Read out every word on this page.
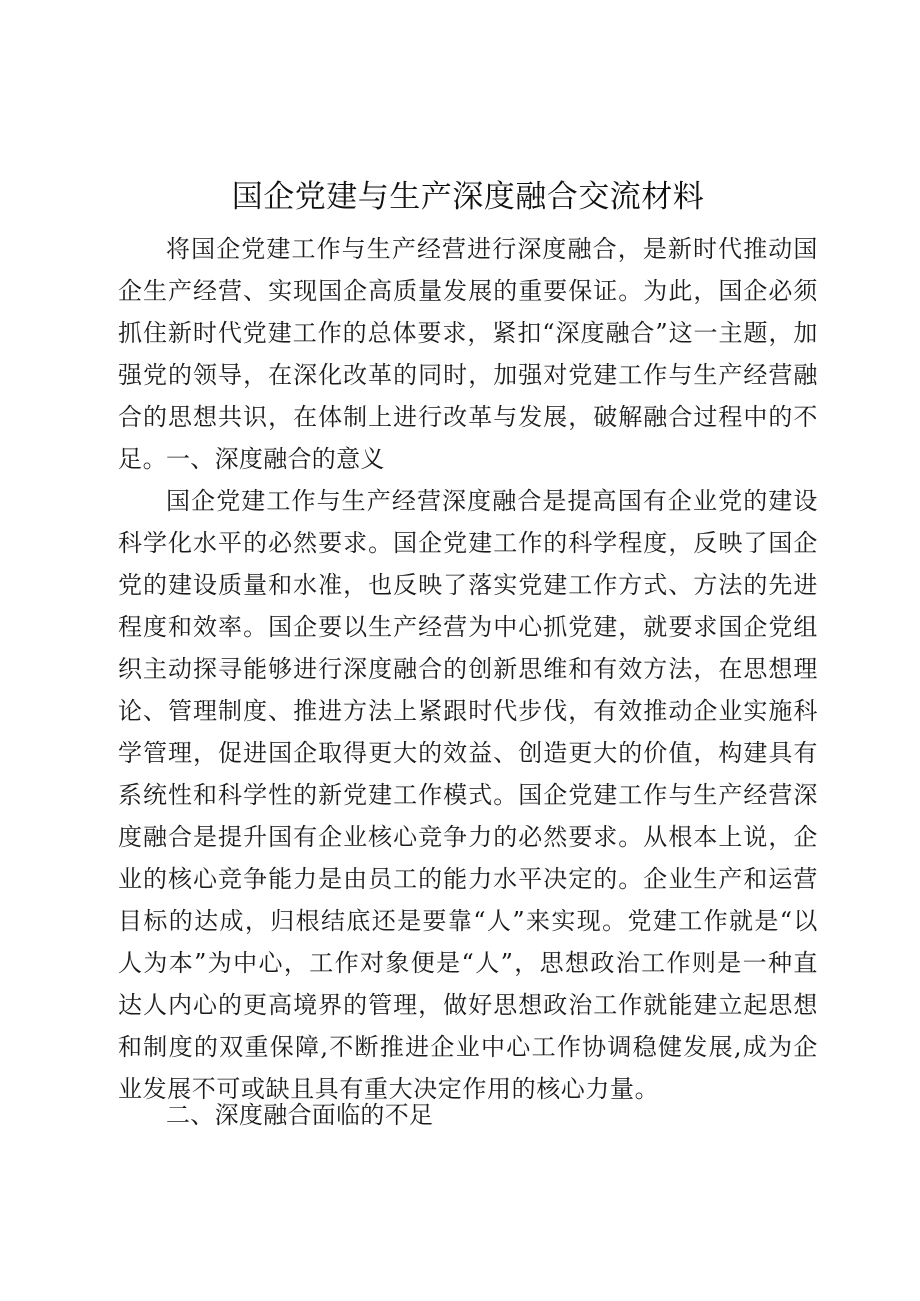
国企党建与生产深度融合交流材料

将国企党建工作与生产经营进行深度融合，是新时代推动国企生产经营、实现国企高质量发展的重要保证。为此，国企必须抓住新时代党建工作的总体要求，紧扣“深度融合”这一主题，加强党的领导，在深化改革的同时，加强对党建工作与生产经营融合的思想共识，在体制上进行改革与发展，破解融合过程中的不足。

一、深度融合的意义

国企党建工作与生产经营深度融合是提高国有企业党的建设科学化水平的必然要求。国企党建工作的科学程度，反映了国企党的建设质量和水准，也反映了落实党建工作方式、方法的先进程度和效率。国企要以生产经营为中心抓党建，就要求国企党组织主动探寻能够进行深度融合的创新思维和有效方法，在思想理论、管理制度、推进方法上紧跟时代步伐，有效推动企业实施科学管理，促进国企取得更大的效益、创造更大的价值，构建具有系统性和科学性的新党建工作模式。国企党建工作与生产经营深度融合是提升国有企业核心竞争力的必然要求。从根本上说，企业的核心竞争能力是由员工的能力水平决定的。企业生产和运营目标的达成，归根结底还是要靠“人”来实现。党建工作就是“以人为本”为中心，工作对象便是“人”，思想政治工作则是一种直达人内心的更高境界的管理，做好思想政治工作就能建立起思想和制度的双重保障,不断推进企业中心工作协调稳健发展,成为企业发展不可或缺且具有重大决定作用的核心力量。

二、深度融合面临的不足
